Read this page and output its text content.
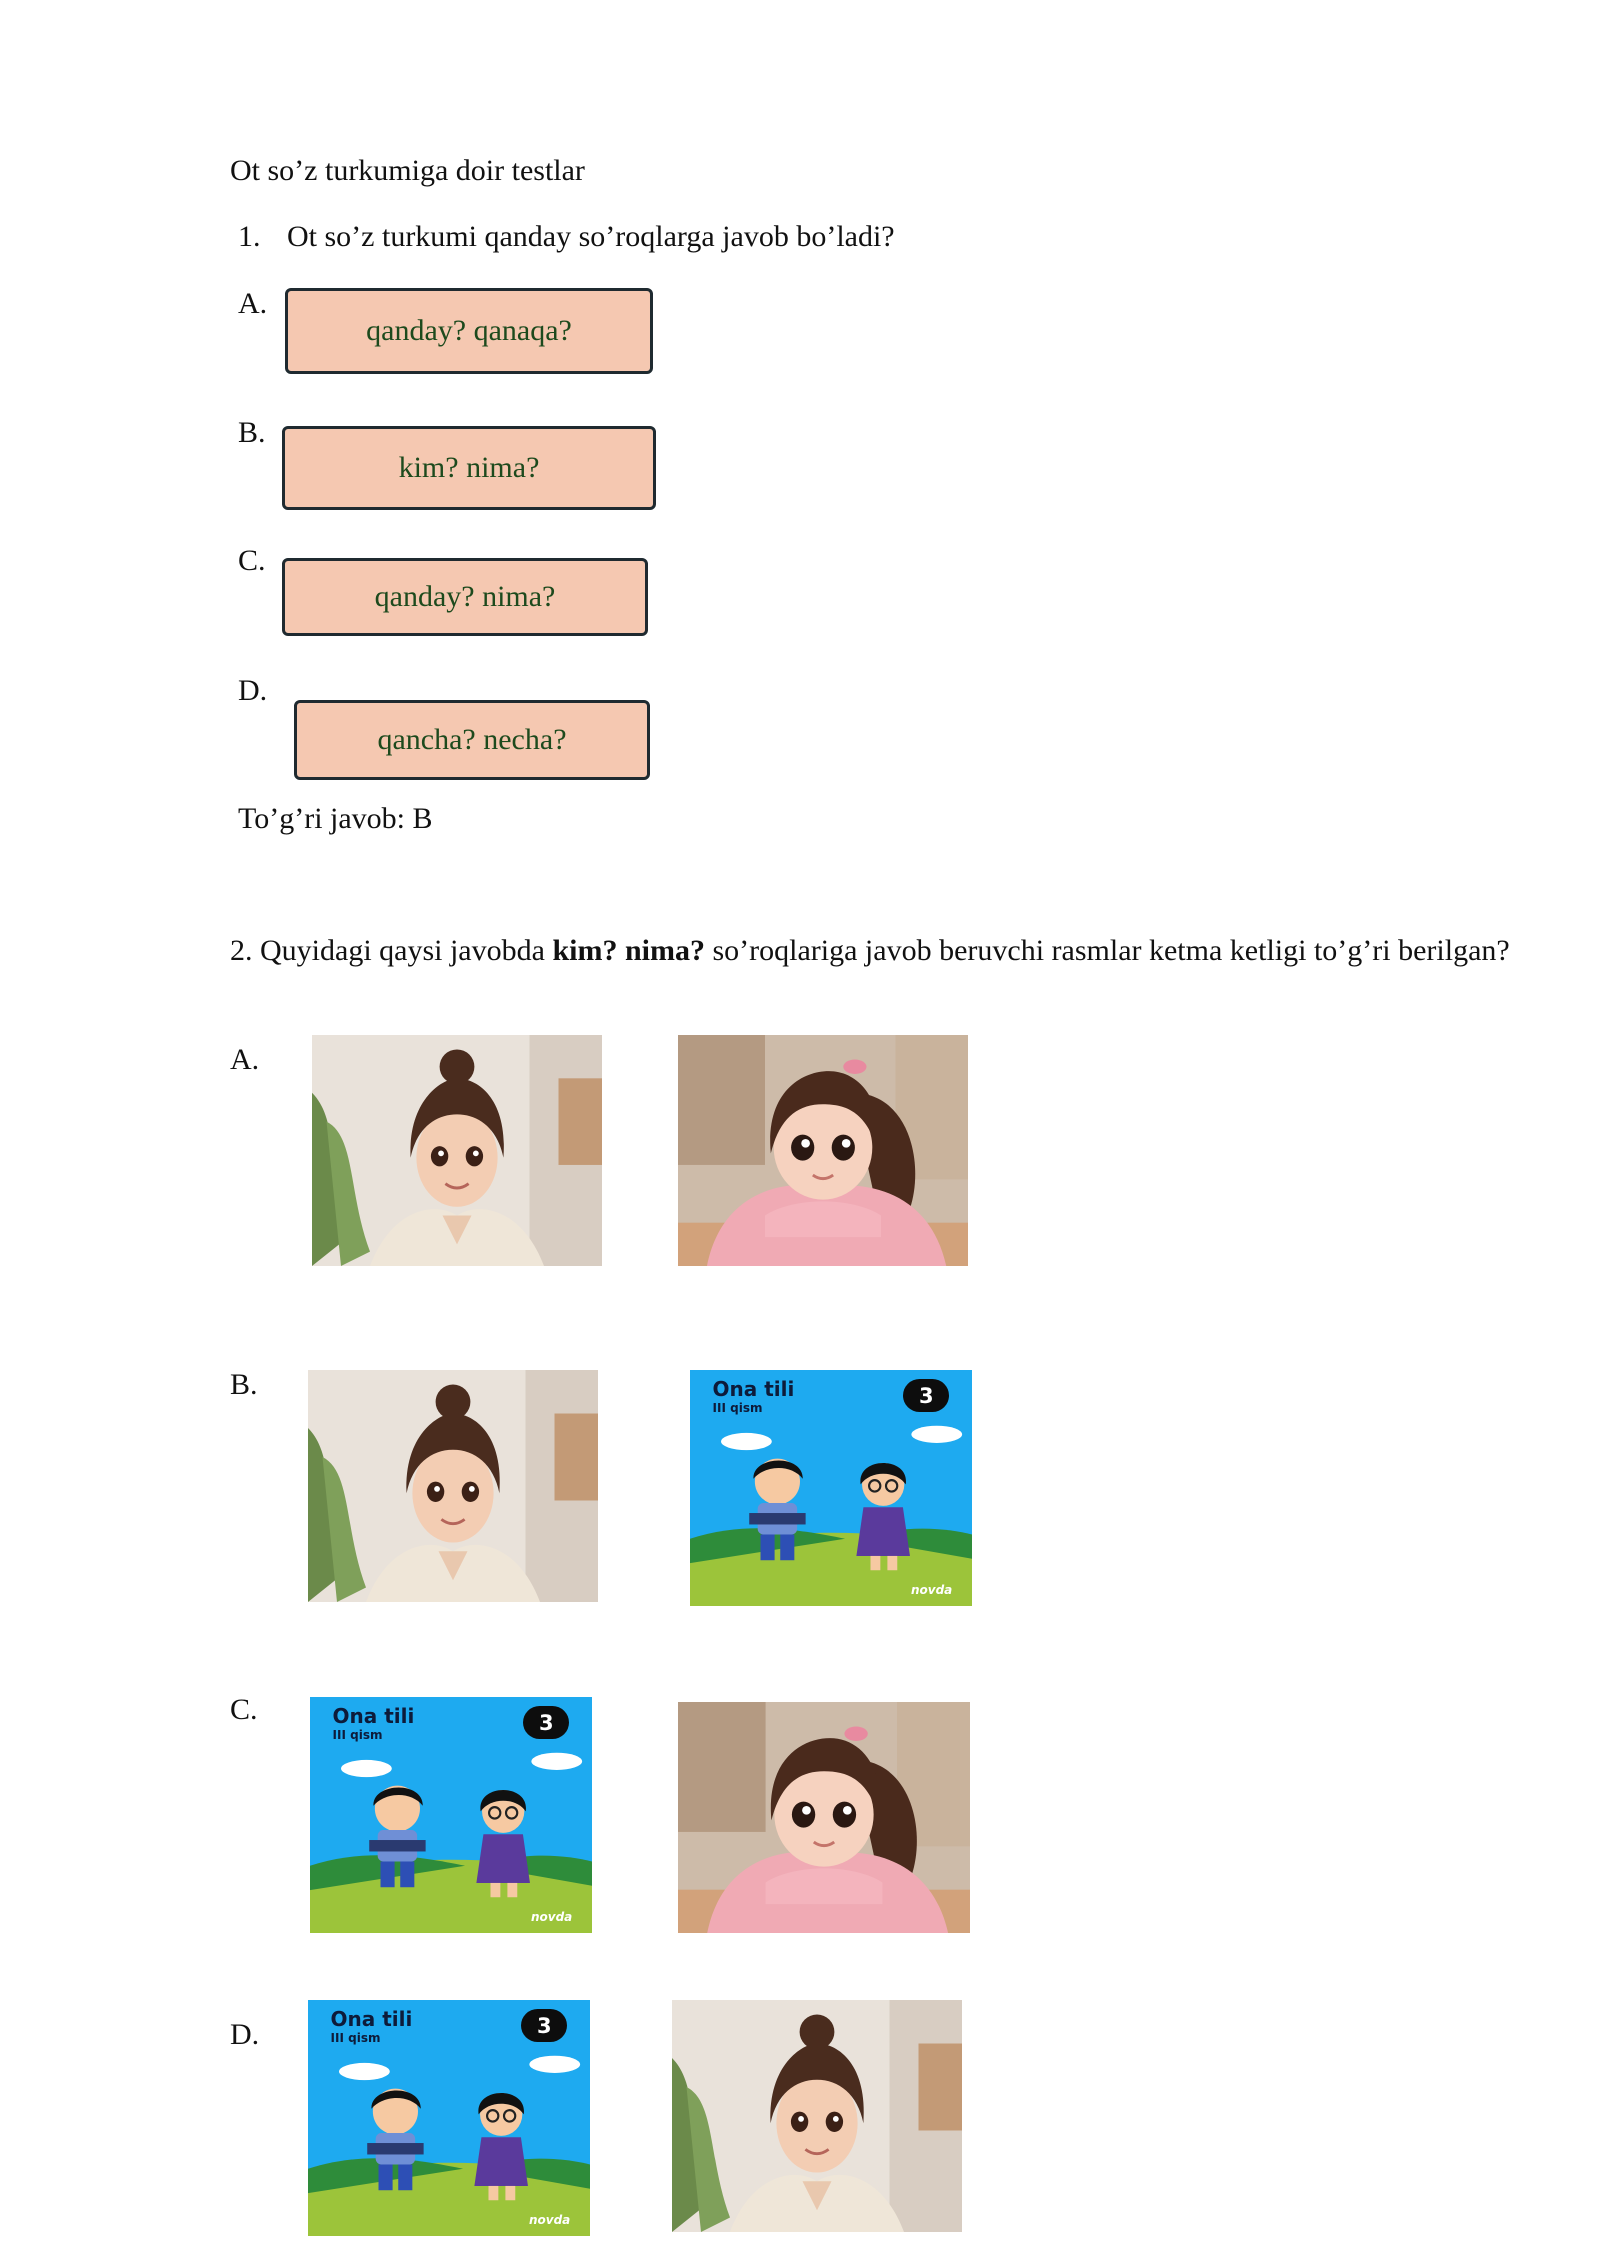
Ot so’z turkumiga doir testlar
1. Ot so’z turkumi qanday so’roqlarga javob bo’ladi?
A.
qanday? qanaqa?
B.
kim? nima?
C.
qanday? nima?
D.
qancha? necha?
To’g’ri javob: B
2. Quyidagi qaysi javobda kim? nima? so’roqlariga javob beruvchi rasmlar ketma ketligi to’g’ri berilgan?
A.
B.
C.
D.
Ona tili
III qism	3
novda
Ona tili
III qism	3
novda
Ona tili
III qism	3
novda
